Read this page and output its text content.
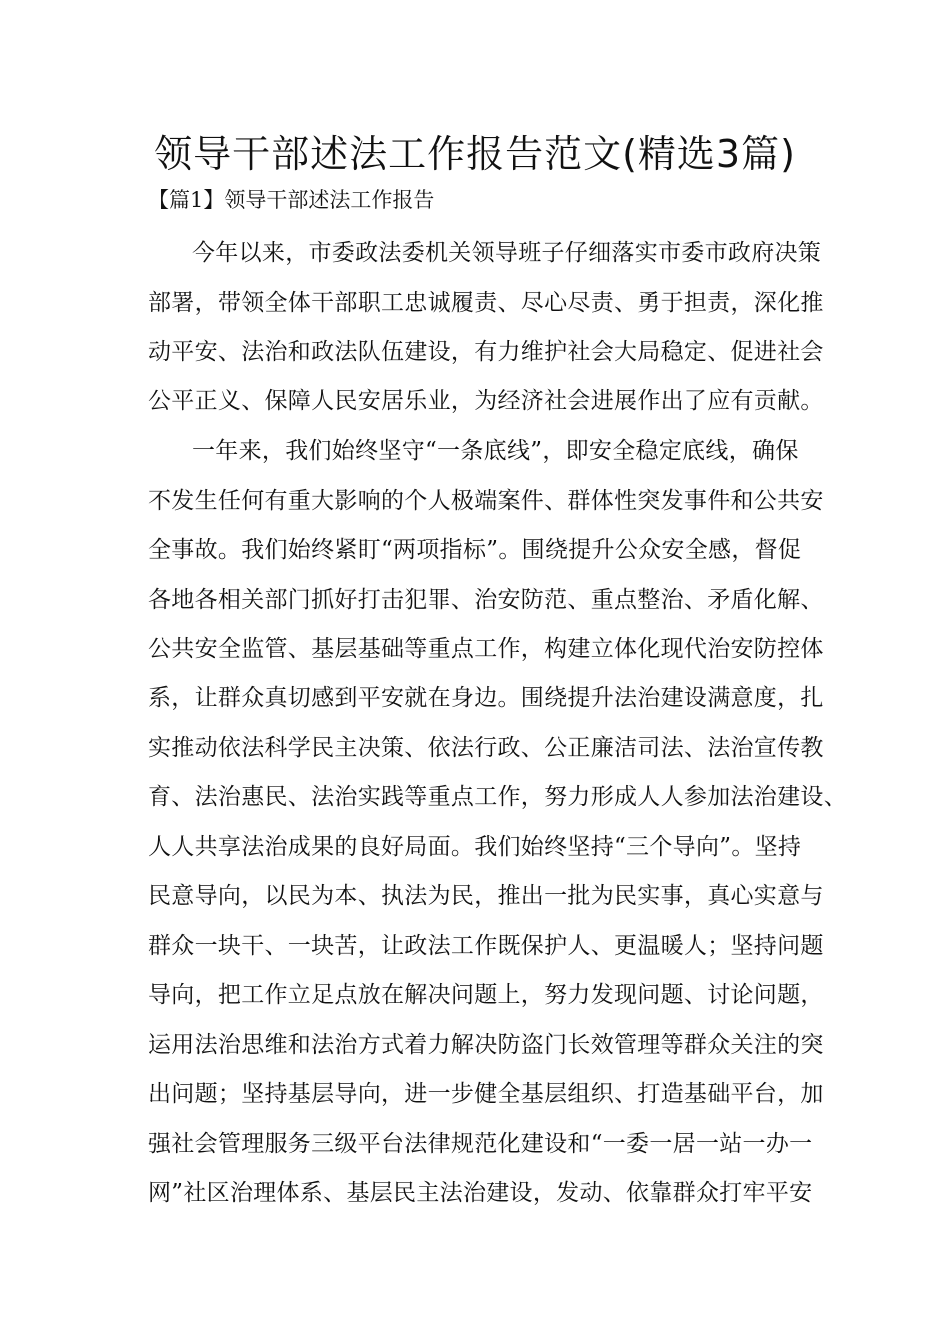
领导干部述法工作报告范文(精选3篇)
【篇1】领导干部述法工作报告
今年以来，市委政法委机关领导班子仔细落实市委市政府决策
部署，带领全体干部职工忠诚履责、尽心尽责、勇于担责，深化推
动平安、法治和政法队伍建设，有力维护社会大局稳定、促进社会
公平正义、保障人民安居乐业，为经济社会进展作出了应有贡献。
一年来，我们始终坚守“一条底线”，即安全稳定底线，确保
不发生任何有重大影响的个人极端案件、群体性突发事件和公共安
全事故。我们始终紧盯“两项指标”。围绕提升公众安全感，督促
各地各相关部门抓好打击犯罪、治安防范、重点整治、矛盾化解、
公共安全监管、基层基础等重点工作，构建立体化现代治安防控体
系，让群众真切感到平安就在身边。围绕提升法治建设满意度，扎
实推动依法科学民主决策、依法行政、公正廉洁司法、法治宣传教
育、法治惠民、法治实践等重点工作，努力形成人人参加法治建设、
人人共享法治成果的良好局面。我们始终坚持“三个导向”。坚持
民意导向，以民为本、执法为民，推出一批为民实事，真心实意与
群众一块干、一块苦，让政法工作既保护人、更温暖人；坚持问题
导向，把工作立足点放在解决问题上，努力发现问题、讨论问题，
运用法治思维和法治方式着力解决防盗门长效管理等群众关注的突
出问题；坚持基层导向，进一步健全基层组织、打造基础平台，加
强社会管理服务三级平台法律规范化建设和“一委一居一站一办一
网”社区治理体系、基层民主法治建设，发动、依靠群众打牢平安
